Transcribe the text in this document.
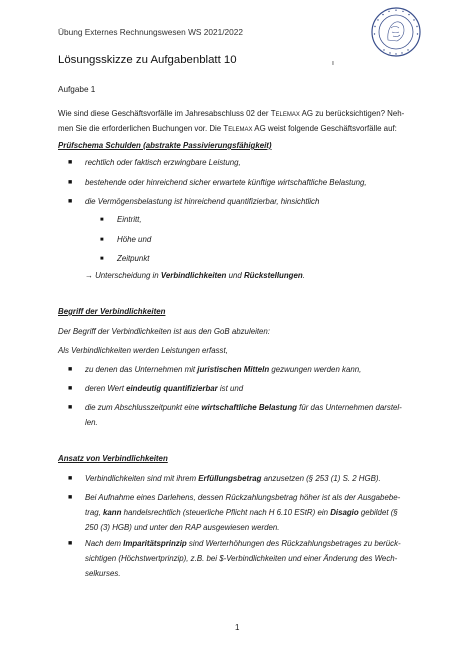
Übung Externes Rechnungswesen WS 2021/2022
Lösungsskizze zu Aufgabenblatt 10	ı
Aufgabe 1
Wie sind diese Geschäftsvorfälle im Jahresabschluss 02 der Telemax AG zu berücksichtigen? Neh-
men Sie die erforderlichen Buchungen vor. Die Telemax AG weist folgende Geschäftsvorfälle auf:
Prüfschema Schulden (abstrakte Passivierungsfähigkeit)
■ rechtlich oder faktisch erzwingbare Leistung,
■ bestehende oder hinreichend sicher erwartete künftige wirtschaftliche Belastung,
■ die Vermögensbelastung ist hinreichend quantifizierbar, hinsichtlich
■ Eintritt,
■ Höhe und
■ Zeitpunkt
→ Unterscheidung in Verbindlichkeiten und Rückstellungen.
Begriff der Verbindlichkeiten
Der Begriff der Verbindlichkeiten ist aus den GoB abzuleiten:
Als Verbindlichkeiten werden Leistungen erfasst,
■ zu denen das Unternehmen mit juristischen Mitteln gezwungen werden kann,
■ deren Wert eindeutig quantifizierbar ist und
■ die zum Abschlusszeitpunkt eine wirtschaftliche Belastung für das Unternehmen darstel-
len.
Ansatz von Verbindlichkeiten
■ Verbindlichkeiten sind mit ihrem Erfüllungsbetrag anzusetzen (§ 253 (1) S. 2 HGB).
■ Bei Aufnahme eines Darlehens, dessen Rückzahlungsbetrag höher ist als der Ausgabebe-
trag, kann handelsrechtlich (steuerliche Pflicht nach H 6.10 EStR) ein Disagio gebildet (§
250 (3) HGB) und unter den RAP ausgewiesen werden.
■ Nach dem Imparitätsprinzip sind Werterhöhungen des Rückzahlungsbetrages zu berück-
sichtigen (Höchstwertprinzip), z.B. bei $-Verbindlichkeiten und einer Änderung des Wech-
selkurses.
1
